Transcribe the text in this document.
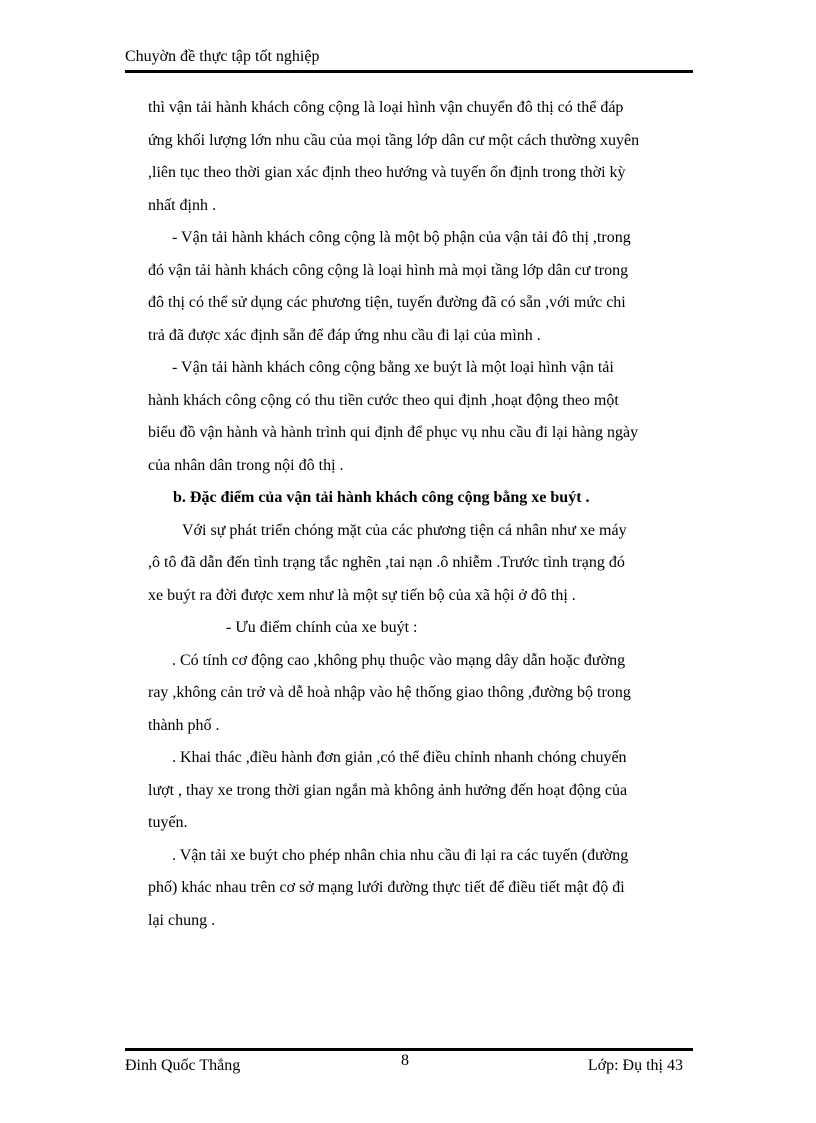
Chuyờn đề thực tập tốt nghiệp

thì vận tải hành khách công cộng là loại hình vận chuyển đô thị có thể đáp

ứng khối lượng lớn nhu cầu của mọi tầng lớp dân cư một cách thường xuyên

,liên tục theo thời gian xác định theo hướng và tuyến ổn định trong thời kỳ

nhất định .

- Vận tải hành khách công cộng là một bộ phận của vận tải đô thị ,trong

đó vận tải hành khách công cộng là loại hình mà mọi tầng lớp dân cư trong

đô thị có thể sử dụng các phương tiện, tuyến đường đã có sẵn ,với mức chi

trả đã được xác định sẵn để đáp ứng nhu cầu đi lại của mình .

- Vận tải hành khách công cộng bằng xe buýt là một loại hình vận tải

hành khách công cộng có thu tiền cước theo qui định ,hoạt động theo một

biểu đồ vận hành và hành trình qui định để phục vụ nhu cầu đi lại hàng ngày

của nhân dân trong nội đô thị .

b. Đặc điểm của vận tải hành khách công cộng bằng xe buýt .

Với sự phát triển chóng mặt của các phương tiện cá nhân như xe máy

,ô tô đã dẫn đến tình trạng tắc nghẽn ,tai nạn .ô nhiễm .Trước tình trạng đó

xe buýt ra đời được xem như là một sự tiến bộ của xã hội ở đô thị .

- Ưu điểm chính của xe buýt :

. Có tính cơ động cao ,không phụ thuộc vào mạng dây dẫn hoặc đường

ray ,không cản trở và dễ hoà nhập vào hệ thống giao thông ,đường bộ trong

thành phố .

. Khai thác ,điều hành đơn giản ,có thể điều chỉnh nhanh chóng chuyến

lượt , thay xe trong thời gian ngắn mà không ảnh hưởng đến hoạt động của

tuyến.

. Vận tải xe buýt cho phép nhân chia nhu cầu đi lại ra các tuyến (đường

phố) khác nhau trên cơ sở mạng lưới đường thực tiết để điều tiết mật độ đi

lại chung .

Đinh Quốc Thắng	8	Lớp: Đụ thị 43
